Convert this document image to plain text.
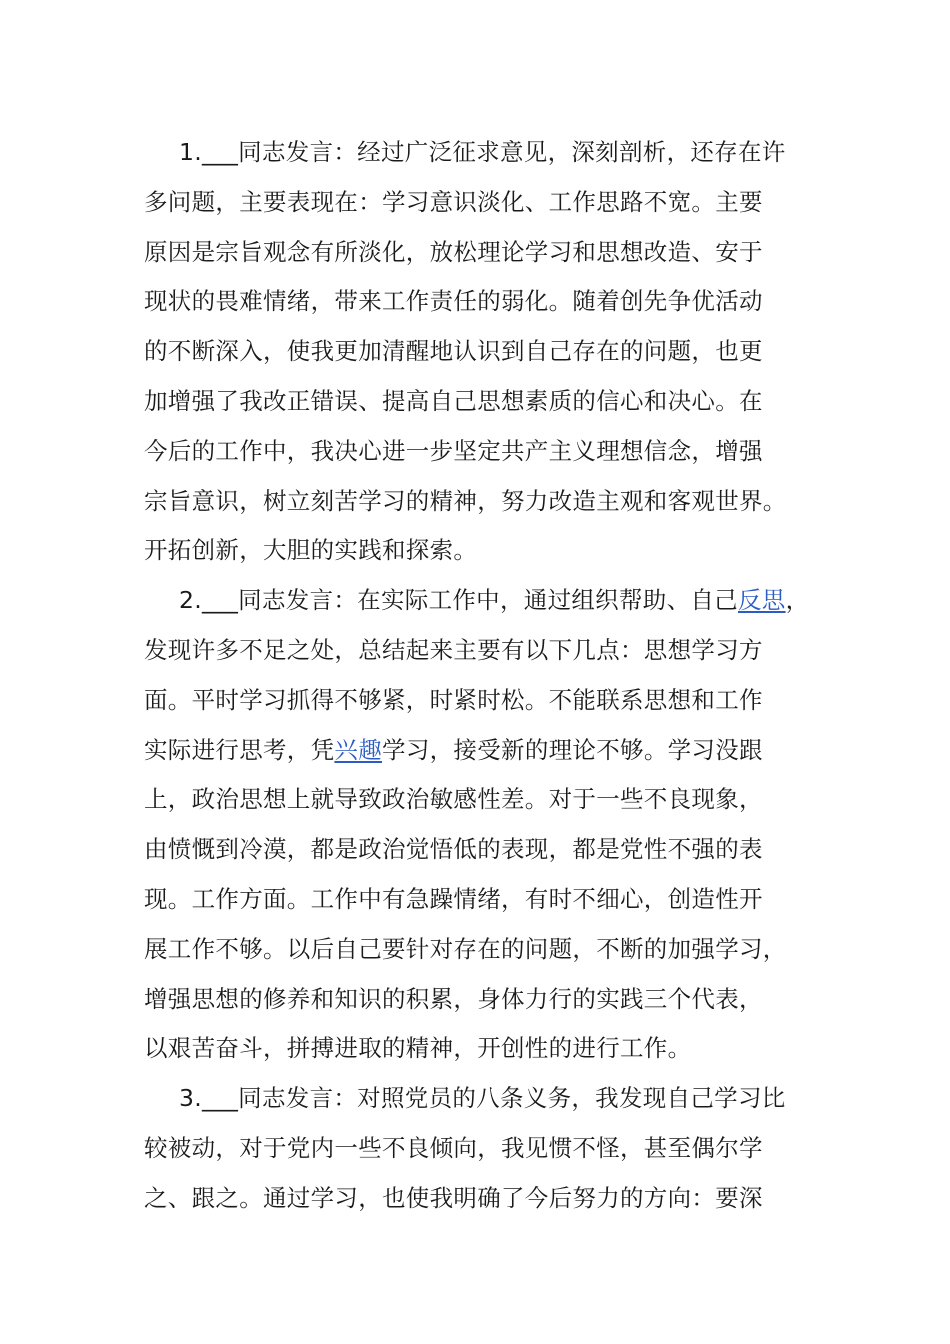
1.___同志发言：经过广泛征求意见，深刻剖析，还存在许
多问题，主要表现在：学习意识淡化、工作思路不宽。主要
原因是宗旨观念有所淡化，放松理论学习和思想改造、安于
现状的畏难情绪，带来工作责任的弱化。随着创先争优活动
的不断深入，使我更加清醒地认识到自己存在的问题，也更
加增强了我改正错误、提高自己思想素质的信心和决心。在
今后的工作中，我决心进一步坚定共产主义理想信念，增强
宗旨意识，树立刻苦学习的精神，努力改造主观和客观世界。
开拓创新，大胆的实践和探索。
2.___同志发言：在实际工作中，通过组织帮助、自己反思，
发现许多不足之处，总结起来主要有以下几点：思想学习方
面。平时学习抓得不够紧，时紧时松。不能联系思想和工作
实际进行思考，凭兴趣学习，接受新的理论不够。学习没跟
上，政治思想上就导致政治敏感性差。对于一些不良现象，
由愤慨到冷漠，都是政治觉悟低的表现，都是党性不强的表
现。工作方面。工作中有急躁情绪，有时不细心，创造性开
展工作不够。以后自己要针对存在的问题，不断的加强学习，
增强思想的修养和知识的积累，身体力行的实践三个代表，
以艰苦奋斗，拼搏进取的精神，开创性的进行工作。
3.___同志发言：对照党员的八条义务，我发现自己学习比
较被动，对于党内一些不良倾向，我见惯不怪，甚至偶尔学
之、跟之。通过学习，也使我明确了今后努力的方向：要深
